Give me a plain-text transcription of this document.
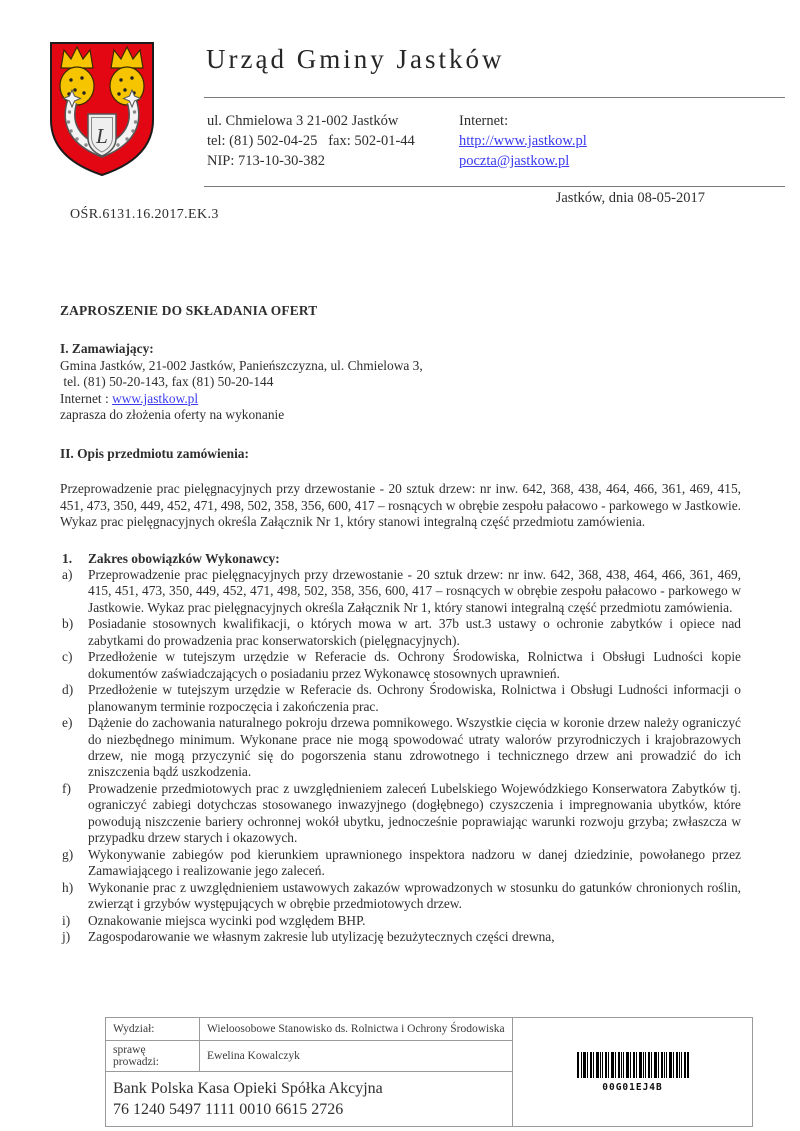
L
Urząd Gminy Jastków
ul. Chmielowa 3 21-002 Jastków
tel: (81) 502-04-25   fax: 502-01-44
NIP: 713-10-30-382
Internet:
http://www.jastkow.pl
poczta@jastkow.pl
Jastków, dnia 08-05-2017
OŚR.6131.16.2017.EK.3
ZAPROSZENIE DO SKŁADANIA OFERT
I. Zamawiający:
Gmina Jastków, 21-002 Jastków, Panieńszczyzna, ul. Chmielowa 3,
tel. (81) 50-20-143, fax (81) 50-20-144
Internet : www.jastkow.pl
zaprasza do złożenia oferty na wykonanie
II. Opis przedmiotu zamówienia:
Przeprowadzenie prac pielęgnacyjnych przy drzewostanie - 20 sztuk drzew: nr inw. 642, 368, 438, 464, 466, 361, 469, 415, 451, 473, 350, 449, 452, 471, 498, 502, 358, 356, 600, 417 – rosnących w obrębie zespołu pałacowo - parkowego w Jastkowie. Wykaz prac pielęgnacyjnych określa Załącznik Nr 1, który stanowi integralną część przedmiotu zamówienia.
1. Zakres obowiązków Wykonawcy:
a) Przeprowadzenie prac pielęgnacyjnych przy drzewostanie - 20 sztuk drzew: nr inw. 642, 368, 438, 464, 466, 361, 469, 415, 451, 473, 350, 449, 452, 471, 498, 502, 358, 356, 600, 417 – rosnących w obrębie zespołu pałacowo - parkowego w Jastkowie. Wykaz prac pielęgnacyjnych określa Załącznik Nr 1, który stanowi integralną część przedmiotu zamówienia.
b) Posiadanie stosownych kwalifikacji, o których mowa w art. 37b ust.3 ustawy o ochronie zabytków i opiece nad zabytkami do prowadzenia prac konserwatorskich (pielęgnacyjnych).
c) Przedłożenie w tutejszym urzędzie w Referacie ds. Ochrony Środowiska, Rolnictwa i Obsługi Ludności kopie dokumentów zaświadczających o posiadaniu przez Wykonawcę stosownych uprawnień.
d) Przedłożenie w tutejszym urzędzie w Referacie ds. Ochrony Środowiska, Rolnictwa i Obsługi Ludności informacji o planowanym terminie rozpoczęcia i zakończenia prac.
e) Dążenie do zachowania naturalnego pokroju drzewa pomnikowego. Wszystkie cięcia w koronie drzew należy ograniczyć do niezbędnego minimum. Wykonane prace nie mogą spowodować utraty walorów przyrodniczych i krajobrazowych drzew, nie mogą przyczynić się do pogorszenia stanu zdrowotnego i technicznego drzew ani prowadzić do ich zniszczenia bądź uszkodzenia.
f) Prowadzenie przedmiotowych prac z uwzględnieniem zaleceń Lubelskiego Wojewódzkiego Konserwatora Zabytków tj. ograniczyć zabiegi dotychczas stosowanego inwazyjnego (dogłębnego) czyszczenia i impregnowania ubytków, które powodują niszczenie bariery ochronnej wokół ubytku, jednocześnie poprawiając warunki rozwoju grzyba; zwłaszcza w przypadku drzew starych i okazowych.
g) Wykonywanie zabiegów pod kierunkiem uprawnionego inspektora nadzoru w danej dziedzinie, powołanego przez Zamawiającego i realizowanie jego zaleceń.
h) Wykonanie prac z uwzględnieniem ustawowych zakazów wprowadzonych w stosunku do gatunków chronionych roślin, zwierząt i grzybów występujących w obrębie przedmiotowych drzew.
i) Oznakowanie miejsca wycinki pod względem BHP.
j) Zagospodarowanie we własnym zakresie lub utylizację bezużytecznych części drewna,
Wydział:	Wieloosobowe Stanowisko ds. Rolnictwa i Ochrony Środowiska	00G01EJ4B

sprawę prowadzi:	Ewelina Kowalczyk	

Bank Polska Kasa Opieki Spółka Akcyjna
76 1240 5497 1111 0010 6615 2726		
